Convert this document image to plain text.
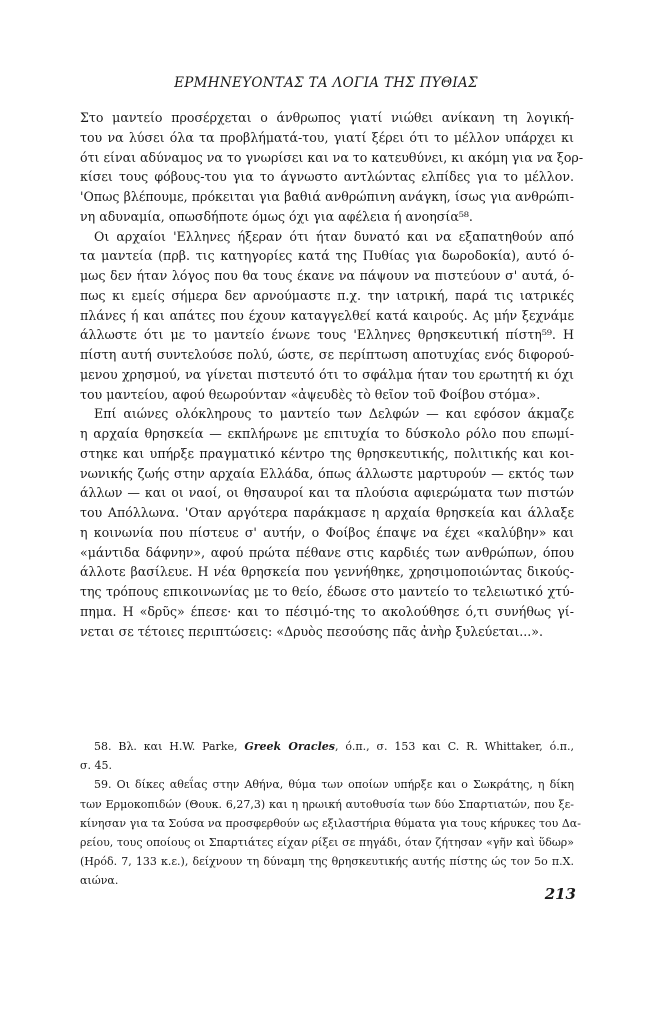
ΕΡΜΗΝΕΥΟΝΤΑΣ ΤΑ ΛΟΓΙΑ ΤΗΣ ΠΥΘΙΑΣ
Στο μαντείο προσέρχεται ο άνθρωπος γιατί νιώθει ανίκανη τη λογική-
του να λύσει όλα τα προβλήματά-του, γιατί ξέρει ότι το μέλλον υπάρχει κι
ότι είναι αδύναμος να το γνωρίσει και να το κατευθύνει, κι ακόμη για να ξορ-
κίσει τους φόβους-του για το άγνωστο αντλώντας ελπίδες για το μέλλον.
'Οπως βλέπουμε, πρόκειται για βαθιά ανθρώπινη ανάγκη, ίσως για ανθρώπι-
νη αδυναμία, οπωσδήποτε όμως όχι για αφέλεια ή ανοησία⁵⁸.
Οι αρχαίοι 'Ελληνες ήξεραν ότι ήταν δυνατό και να εξαπατηθούν από
τα μαντεία (πρβ. τις κατηγορίες κατά της Πυθίας για δωροδοκία), αυτό ό-
μως δεν ήταν λόγος που θα τους έκανε να πάψουν να πιστεύουν σ' αυτά, ό-
πως κι εμείς σήμερα δεν αρνούμαστε π.χ. την ιατρική, παρά τις ιατρικές
πλάνες ή και απάτες που έχουν καταγγελθεί κατά καιρούς. Ας μήν ξεχνάμε
άλλωστε ότι με το μαντείο ένωνε τους 'Ελληνες θρησκευτική πίστη⁵⁹. Η
πίστη αυτή συντελούσε πολύ, ώστε, σε περίπτωση αποτυχίας ενός διφορού-
μενου χρησμού, να γίνεται πιστευτό ότι το σφάλμα ήταν του ερωτητή κι όχι
του μαντείου, αφού θεωρούνταν «ἀψευδὲς τὸ θεῖον τοῦ Φοίβου στόμα».
Επί αιώνες ολόκληρους το μαντείο των Δελφών — και εφόσον άκμαζε
η αρχαία θρησκεία — εκπλήρωνε με επιτυχία το δύσκολο ρόλο που επωμί-
στηκε και υπήρξε πραγματικό κέντρο της θρησκευτικής, πολιτικής και κοι-
νωνικής ζωής στην αρχαία Ελλάδα, όπως άλλωστε μαρτυρούν — εκτός των
άλλων — και οι ναοί, οι θησαυροί και τα πλούσια αφιερώματα των πιστών
του Απόλλωνα. 'Οταν αργότερα παράκμασε η αρχαία θρησκεία και άλλαξε
η κοινωνία που πίστευε σ' αυτήν, ο Φοίβος έπαψε να έχει «καλύβην» και
«μάντιδα δάφνην», αφού πρώτα πέθανε στις καρδιές των ανθρώπων, όπου
άλλοτε βασίλευε. Η νέα θρησκεία που γεννήθηκε, χρησιμοποιώντας δικούς-
της τρόπους επικοινωνίας με το θείο, έδωσε στο μαντείο το τελειωτικό χτύ-
πημα. Η «δρῦς» έπεσε· και το πέσιμό-της το ακολούθησε ό,τι συνήθως γί-
νεται σε τέτοιες περιπτώσεις: «Δρυὸς πεσούσης πᾶς ἀνὴρ ξυλεύεται...».
58. Βλ. και H.W. Parke, Greek Oracles, ό.π., σ. 153 και C. R. Whittaker, ό.π.,
σ. 45.
59. Οι δίκες αθεΐας στην Αθήνα, θύμα των οποίων υπήρξε και ο Σωκράτης, η δίκη
των Ερμοκοπιδών (Θουκ. 6,27,3) και η ηρωική αυτοθυσία των δύο Σπαρτιατών, που ξε-
κίνησαν για τα Σούσα να προσφερθούν ως εξιλαστήρια θύματα για τους κήρυκες του Δα-
ρείου, τους οποίους οι Σπαρτιάτες είχαν ρίξει σε πηγάδι, όταν ζήτησαν «γῆν καὶ ὕδωρ»
(Ηρόδ. 7, 133 κ.ε.), δείχνουν τη δύναμη της θρησκευτικής αυτής πίστης ώς τον 5ο π.Χ.
αιώνα.
213
